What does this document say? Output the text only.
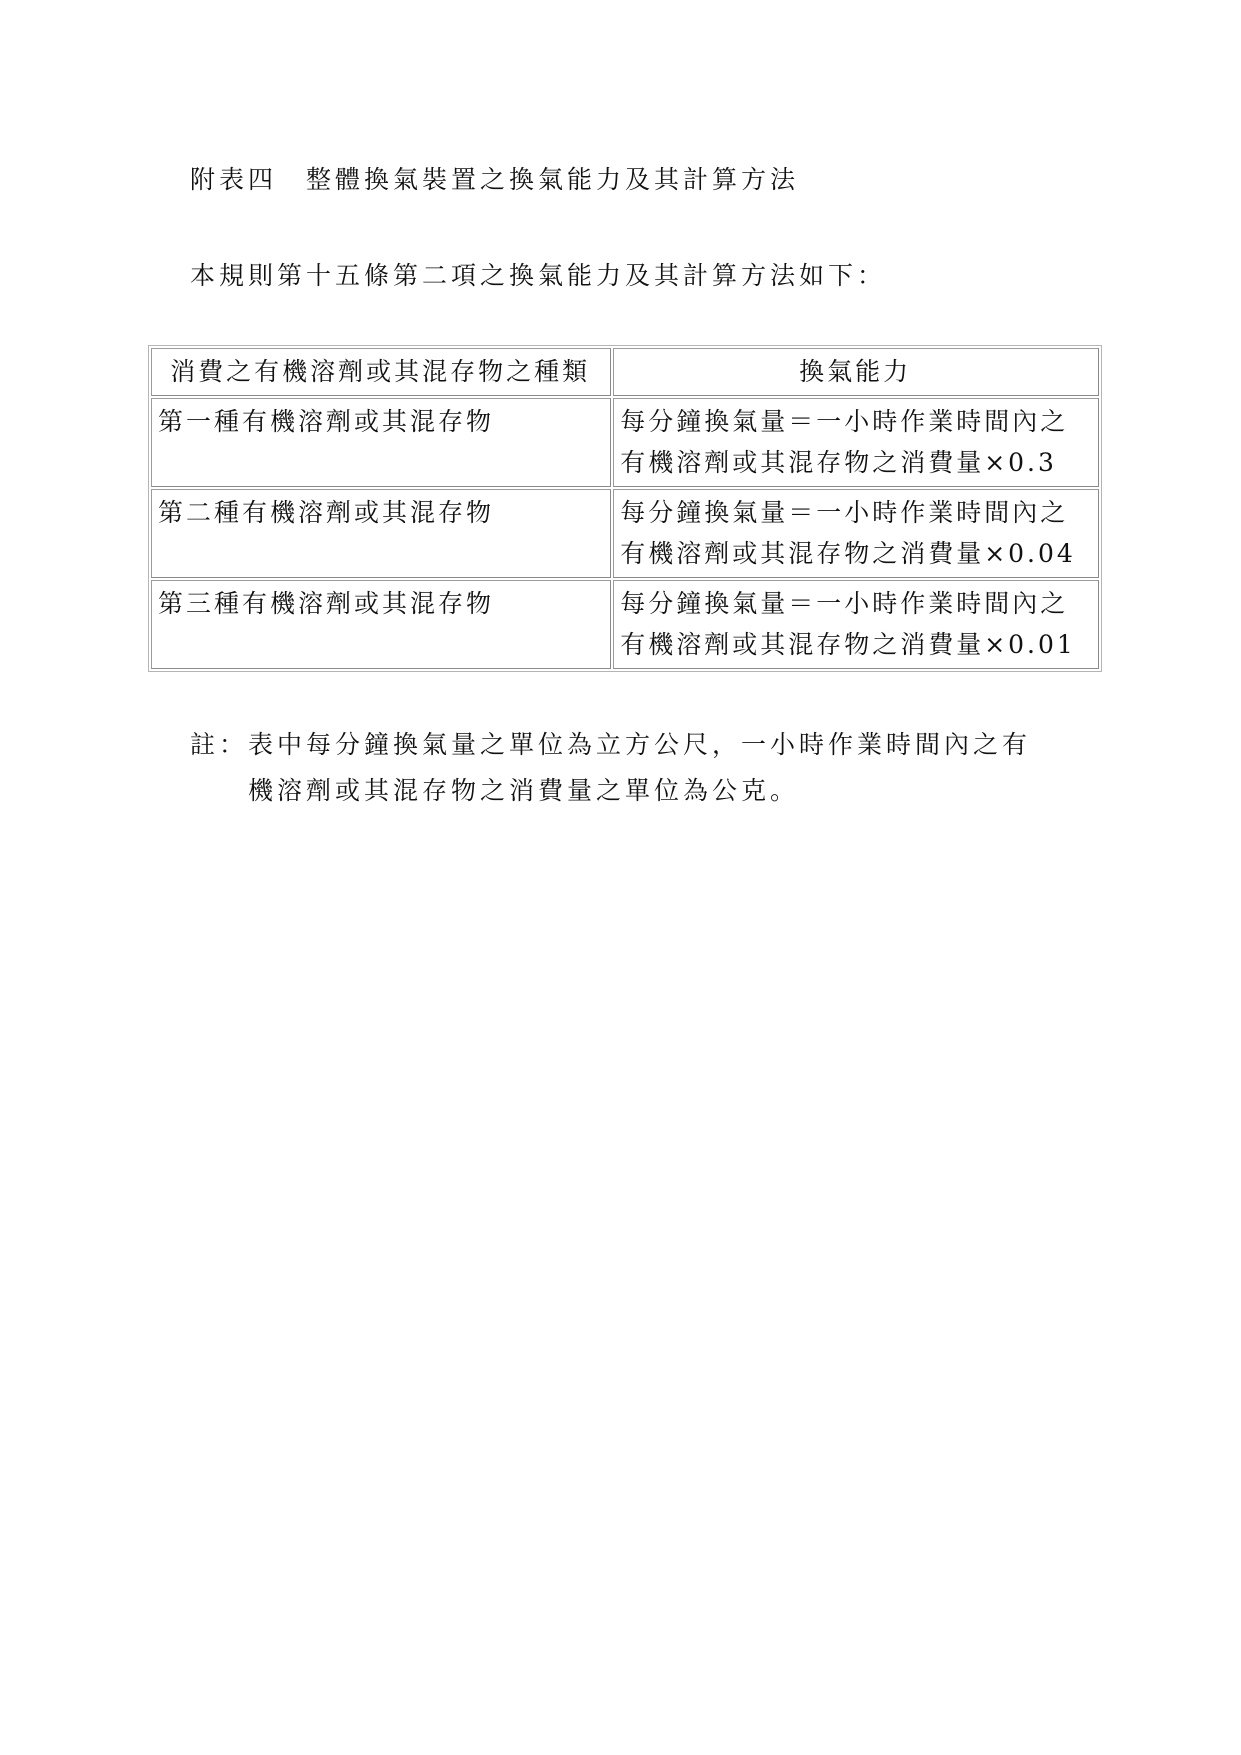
附表四　整體換氣裝置之換氣能力及其計算方法
本規則第十五條第二項之換氣能力及其計算方法如下：
消費之有機溶劑或其混存物之種類	換氣能力
第一種有機溶劑或其混存物	每分鐘換氣量＝一小時作業時間內之
有機溶劑或其混存物之消費量×0.3

第二種有機溶劑或其混存物	每分鐘換氣量＝一小時作業時間內之
有機溶劑或其混存物之消費量×0.04

第三種有機溶劑或其混存物	每分鐘換氣量＝一小時作業時間內之
有機溶劑或其混存物之消費量×0.01
註：表中每分鐘換氣量之單位為立方公尺，一小時作業時間內之有
機溶劑或其混存物之消費量之單位為公克。
